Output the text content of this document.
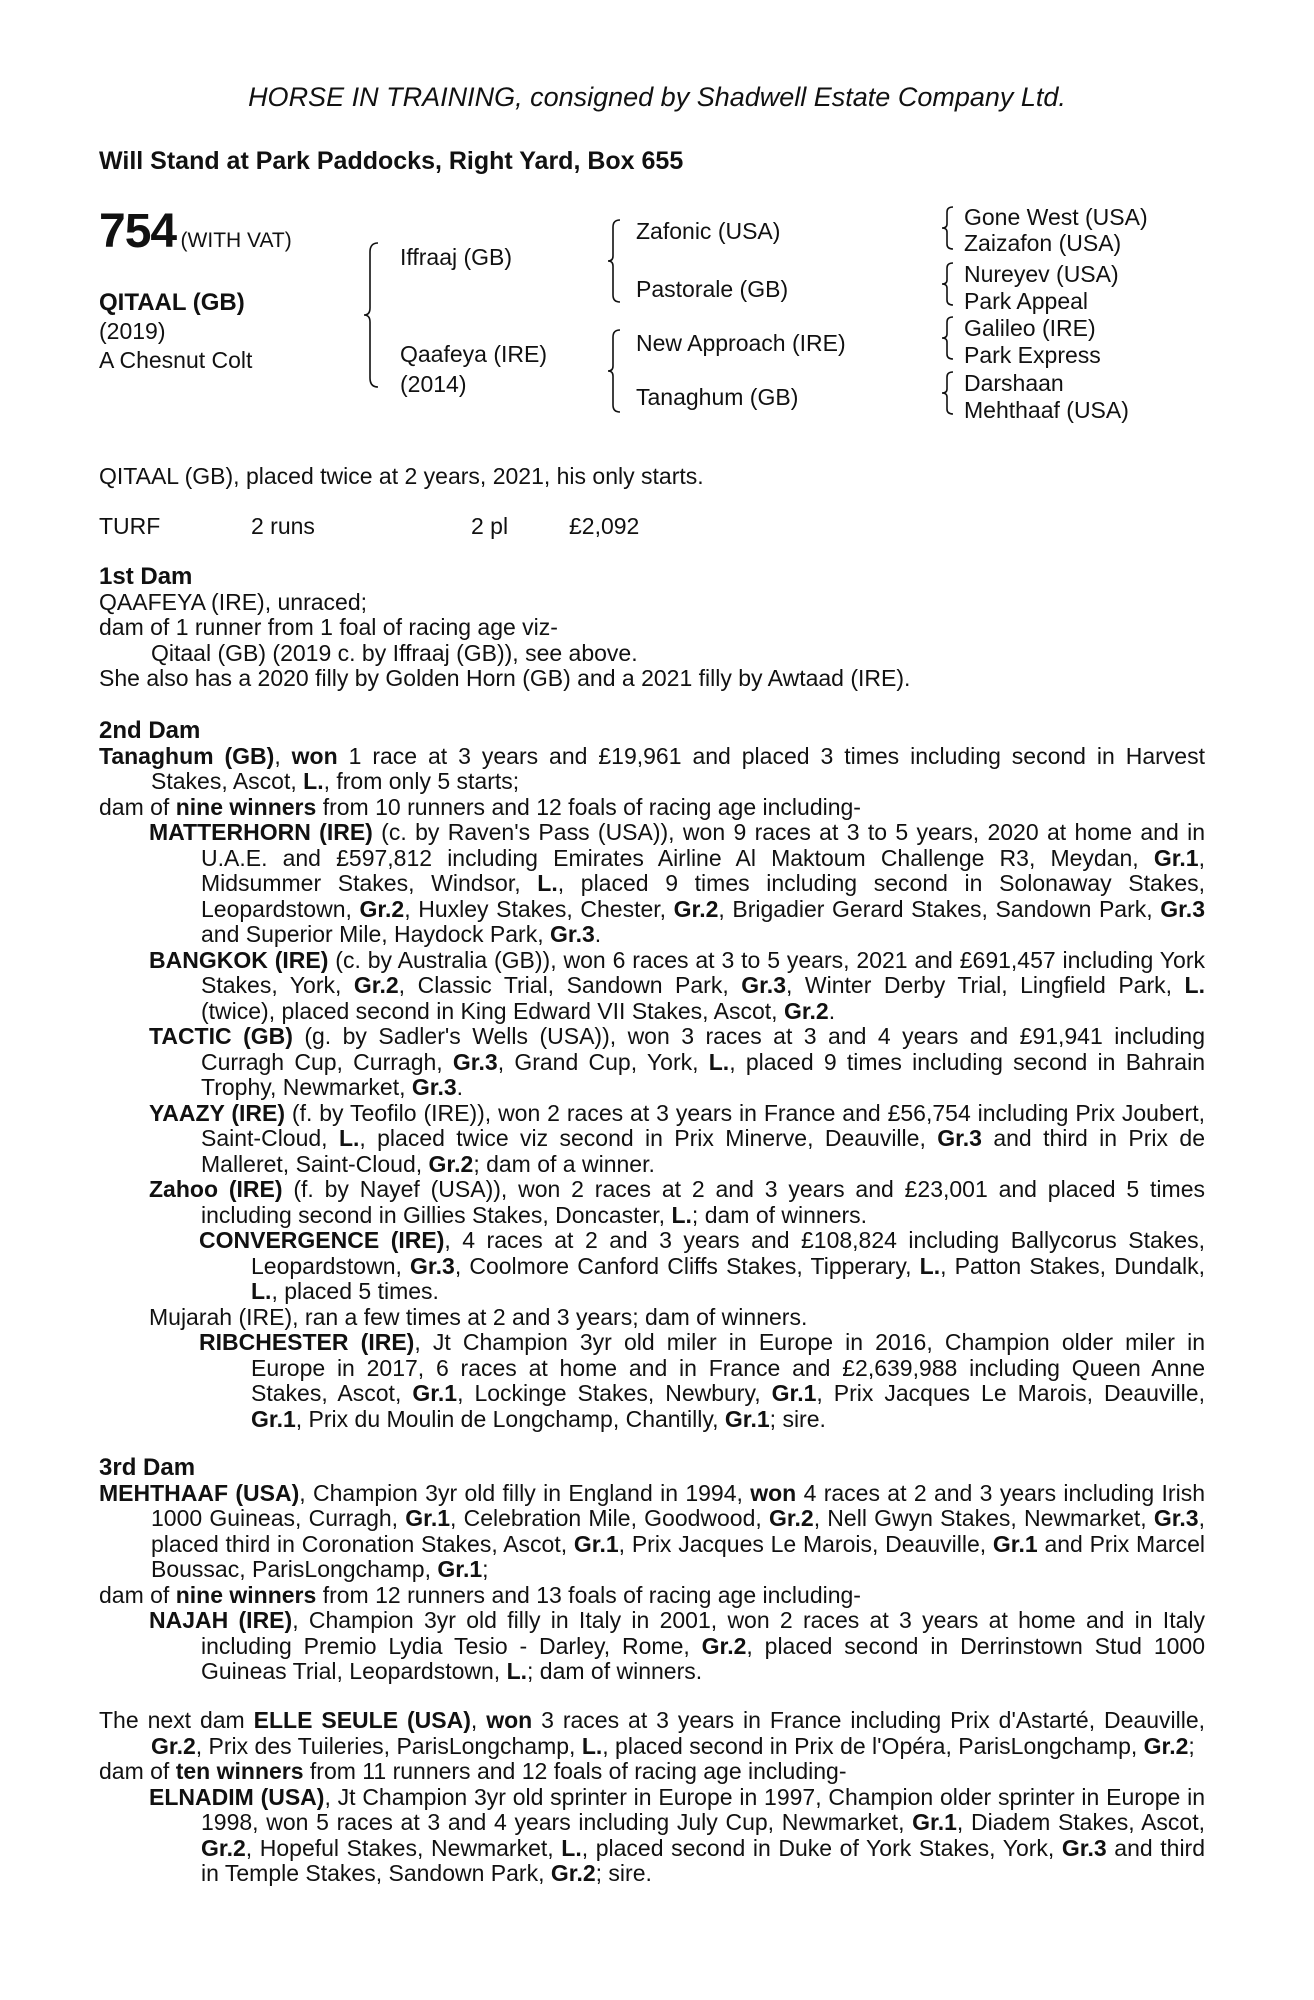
HORSE IN TRAINING, consigned by Shadwell Estate Company Ltd.
Will Stand at Park Paddocks, Right Yard, Box 655
754 (WITH VAT)
QITAAL (GB)
(2019)
A Chesnut Colt
Iffraaj (GB)
Qaafeya (IRE)
(2014)
Zafonic (USA)
Pastorale (GB)
New Approach (IRE)
Tanaghum (GB)
Gone West (USA)
Zaizafon (USA)
Nureyev (USA)
Park Appeal
Galileo (IRE)
Park Express
Darshaan
Mehthaaf (USA)
QITAAL (GB), placed twice at 2 years, 2021, his only starts.
TURF	2 runs	2 pl	£2,092
1st Dam
QAAFEYA (IRE), unraced;
dam of 1 runner from 1 foal of racing age viz-
Qitaal (GB) (2019 c. by Iffraaj (GB)), see above.
She also has a 2020 filly by Golden Horn (GB) and a 2021 filly by Awtaad (IRE).
2nd Dam
Tanaghum (GB), won 1 race at 3 years and £19,961 and placed 3 times including second in Harvest Stakes, Ascot, L., from only 5 starts;
dam of nine winners from 10 runners and 12 foals of racing age including-
MATTERHORN (IRE) (c. by Raven's Pass (USA)), won 9 races at 3 to 5 years, 2020 at home and in U.A.E. and £597,812 including Emirates Airline Al Maktoum Challenge R3, Meydan, Gr.1, Midsummer Stakes, Windsor, L., placed 9 times including second in Solonaway Stakes, Leopardstown, Gr.2, Huxley Stakes, Chester, Gr.2, Brigadier Gerard Stakes, Sandown Park, Gr.3 and Superior Mile, Haydock Park, Gr.3.
BANGKOK (IRE) (c. by Australia (GB)), won 6 races at 3 to 5 years, 2021 and £691,457 including York Stakes, York, Gr.2, Classic Trial, Sandown Park, Gr.3, Winter Derby Trial, Lingfield Park, L. (twice), placed second in King Edward VII Stakes, Ascot, Gr.2.
TACTIC (GB) (g. by Sadler's Wells (USA)), won 3 races at 3 and 4 years and £91,941 including Curragh Cup, Curragh, Gr.3, Grand Cup, York, L., placed 9 times including second in Bahrain Trophy, Newmarket, Gr.3.
YAAZY (IRE) (f. by Teofilo (IRE)), won 2 races at 3 years in France and £56,754 including Prix Joubert, Saint-Cloud, L., placed twice viz second in Prix Minerve, Deauville, Gr.3 and third in Prix de Malleret, Saint-Cloud, Gr.2; dam of a winner.
Zahoo (IRE) (f. by Nayef (USA)), won 2 races at 2 and 3 years and £23,001 and placed 5 times including second in Gillies Stakes, Doncaster, L.; dam of winners.
CONVERGENCE (IRE), 4 races at 2 and 3 years and £108,824 including Ballycorus Stakes, Leopardstown, Gr.3, Coolmore Canford Cliffs Stakes, Tipperary, L., Patton Stakes, Dundalk, L., placed 5 times.
Mujarah (IRE), ran a few times at 2 and 3 years; dam of winners.
RIBCHESTER (IRE), Jt Champion 3yr old miler in Europe in 2016, Champion older miler in Europe in 2017, 6 races at home and in France and £2,639,988 including Queen Anne Stakes, Ascot, Gr.1, Lockinge Stakes, Newbury, Gr.1, Prix Jacques Le Marois, Deauville, Gr.1, Prix du Moulin de Longchamp, Chantilly, Gr.1; sire.
3rd Dam
MEHTHAAF (USA), Champion 3yr old filly in England in 1994, won 4 races at 2 and 3 years including Irish 1000 Guineas, Curragh, Gr.1, Celebration Mile, Goodwood, Gr.2, Nell Gwyn Stakes, Newmarket, Gr.3, placed third in Coronation Stakes, Ascot, Gr.1, Prix Jacques Le Marois, Deauville, Gr.1 and Prix Marcel Boussac, ParisLongchamp, Gr.1;
dam of nine winners from 12 runners and 13 foals of racing age including-
NAJAH (IRE), Champion 3yr old filly in Italy in 2001, won 2 races at 3 years at home and in Italy including Premio Lydia Tesio - Darley, Rome, Gr.2, placed second in Derrinstown Stud 1000 Guineas Trial, Leopardstown, L.; dam of winners.
The next dam ELLE SEULE (USA), won 3 races at 3 years in France including Prix d'Astarté, Deauville, Gr.2, Prix des Tuileries, ParisLongchamp, L., placed second in Prix de l'Opéra, ParisLongchamp, Gr.2;
dam of ten winners from 11 runners and 12 foals of racing age including-
ELNADIM (USA), Jt Champion 3yr old sprinter in Europe in 1997, Champion older sprinter in Europe in 1998, won 5 races at 3 and 4 years including July Cup, Newmarket, Gr.1, Diadem Stakes, Ascot, Gr.2, Hopeful Stakes, Newmarket, L., placed second in Duke of York Stakes, York, Gr.3 and third in Temple Stakes, Sandown Park, Gr.2; sire.
